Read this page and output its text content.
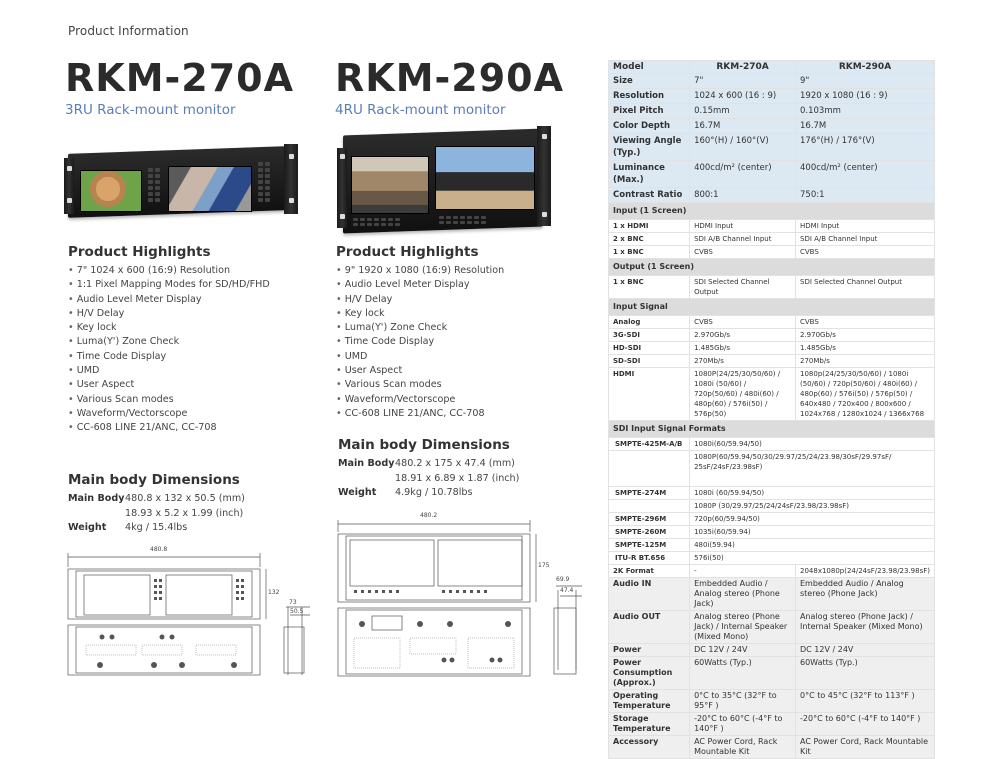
Product Information
RKM-270A
3RU Rack-mount monitor
RKM-290A
4RU Rack-mount monitor
Product Highlights
• 7" 1024 x 600 (16:9) Resolution
• 1:1 Pixel Mapping Modes for SD/HD/FHD
• Audio Level Meter Display
• H/V Delay
• Key lock
• Luma(Y') Zone Check
• Time Code Display
• UMD
• User Aspect
• Various Scan modes
• Waveform/Vectorscope
• CC-608 LINE 21/ANC, CC-708
Product Highlights
• 9" 1920 x 1080 (16:9) Resolution
• Audio Level Meter Display
• H/V Delay
• Key lock
• Luma(Y') Zone Check
• Time Code Display
• UMD
• User Aspect
• Various Scan modes
• Waveform/Vectorscope
• CC-608 LINE 21/ANC, CC-708
Main body Dimensions
Main Body 480.8 x 132 x 50.5 (mm)
18.93 x 5.2 x 1.99 (inch)
Weight	4kg / 15.4lbs
Main body Dimensions
Main Body 480.2 x 175 x 47.4 (mm)
18.91 x 6.89 x 1.87 (inch)
Weight	4.9kg / 10.78lbs
480.8
132
73
50.5
480.2
175
69.9
47.4
Model	RKM-270A	RKM-290A
Size	7"	9"
Resolution	1024 x 600 (16 : 9)	1920 x 1080 (16 : 9)
Pixel Pitch	0.15mm	0.103mm
Color Depth	16.7M	16.7M
Viewing Angle (Typ.)	160°(H) / 160°(V)	176°(H) / 176°(V)
Luminance (Max.)	400cd/m² (center)	400cd/m² (center)
Contrast Ratio	800:1	750:1
Input (1 Screen)		
1 x HDMI	HDMI Input	HDMI Input
2 x BNC	SDI A/B Channel Input	SDI A/B Channel Input
1 x BNC	CVBS	CVBS
Output (1 Screen)		
1 x BNC	SDI Selected Channel Output	SDI Selected Channel Output
Input Signal		
Analog	CVBS	CVBS
3G-SDI	2.970Gb/s	2.970Gb/s
HD-SDI	1.485Gb/s	1.485Gb/s
SD-SDI	270Mb/s	270Mb/s
HDMI	1080P(24/25/30/50/60) / 1080i (50/60) / 720p(50/60) / 480i(60) / 480p(60) / 576i(50) / 576p(50)	1080p(24/25/30/50/60) / 1080i (50/60) / 720p(50/60) / 480i(60) / 480p(60) / 576i(50) / 576p(50) / 640x480 / 720x400 / 800x600 / 1024x768 / 1280x1024 / 1366x768
SDI Input Signal Formats		
SMPTE-425M-A/B	1080i(60/59.94/50)	
	1080P(60/59.94/50/30/29.97/25/24/23.98/30sF/29.97sF/ 25sF/24sF/23.98sF)	
SMPTE-274M	1080i (60/59.94/50)	
	1080P (30/29.97/25/24/24sF/23.98/23.98sF)	
SMPTE-296M	720p(60/59.94/50)	
SMPTE-260M	1035i(60/59.94)	
SMPTE-125M	480i(59.94)	
ITU-R BT.656	576i(50)	
2K Format	-	2048x1080p(24/24sF/23.98/23.98sF)
Audio IN	Embedded Audio / Analog stereo (Phone Jack)	Embedded Audio / Analog stereo (Phone Jack)
Audio OUT	Analog stereo (Phone Jack) / Internal Speaker (Mixed Mono)	Analog stereo (Phone Jack) / Internal Speaker (Mixed Mono)
Power	DC 12V / 24V	DC 12V / 24V
Power Consumption (Approx.)	60Watts (Typ.)	60Watts (Typ.)
Operating Temperature	0°C to 35°C (32°F to 95°F )	0°C to 45°C (32°F to 113°F )
Storage Temperature	-20°C to 60°C (-4°F to 140°F )	-20°C to 60°C (-4°F to 140°F )
Accessory	AC Power Cord, Rack Mountable Kit	AC Power Cord, Rack Mountable Kit
